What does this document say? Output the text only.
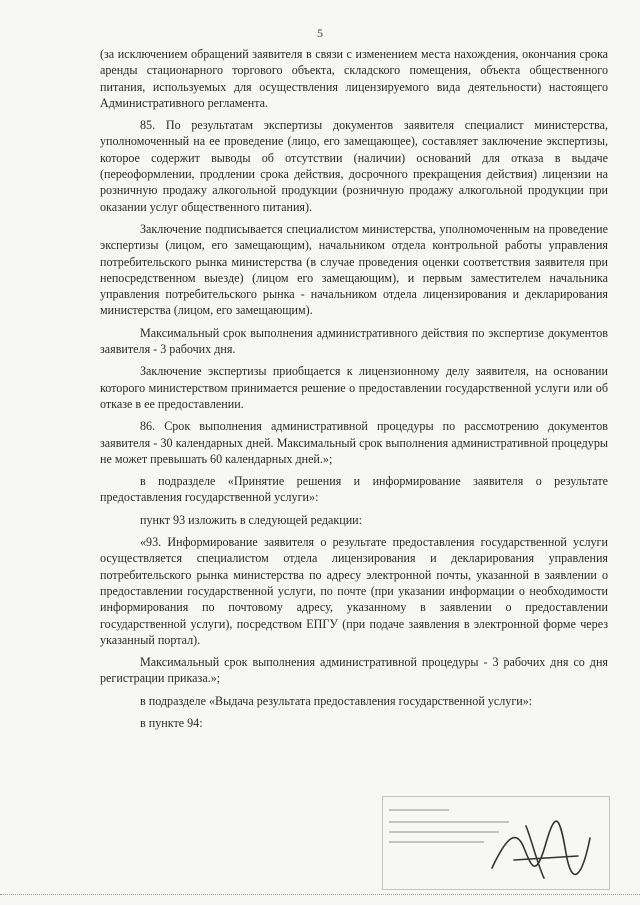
5

(за исключением обращений заявителя в связи с изменением места нахождения, окончания срока аренды стационарного торгового объекта, складского помещения, объекта общественного питания, используемых для осуществления лицензируемого вида деятельности) настоящего Административного регламента.

85. По результатам экспертизы документов заявителя специалист министерства, уполномоченный на ее проведение (лицо, его замещающее), составляет заключение экспертизы, которое содержит выводы об отсутствии (наличии) оснований для отказа в выдаче (переоформлении, продлении срока действия, досрочного прекращения действия) лицензии на розничную продажу алкогольной продукции (розничную продажу алкогольной продукции при оказании услуг общественного питания).

Заключение подписывается специалистом министерства, уполномоченным на проведение экспертизы (лицом, его замещающим), начальником отдела контрольной работы управления потребительского рынка министерства (в случае проведения оценки соответствия заявителя при непосредственном выезде) (лицом его замещающим), и первым заместителем начальника управления потребительского рынка - начальником отдела лицензирования и декларирования министерства (лицом, его замещающим).

Максимальный срок выполнения административного действия по экспертизе документов заявителя - 3 рабочих дня.

Заключение экспертизы приобщается к лицензионному делу заявителя, на основании которого министерством принимается решение о предоставлении государственной услуги или об отказе в ее предоставлении.

86. Срок выполнения административной процедуры по рассмотрению документов заявителя - 30 календарных дней. Максимальный срок выполнения административной процедуры не может превышать 60 календарных дней.»;

в подразделе «Принятие решения и информирование заявителя о результате предоставления государственной услуги»:

пункт 93 изложить в следующей редакции:

«93. Информирование заявителя о результате предоставления государственной услуги осуществляется специалистом отдела лицензирования и декларирования управления потребительского рынка министерства по адресу электронной почты, указанной в заявлении о предоставлении государственной услуги, по почте (при указании информации о необходимости информирования по почтовому адресу, указанному в заявлении о предоставлении государственной услуги), посредством ЕПГУ (при подаче заявления в электронной форме через указанный портал).

Максимальный срок выполнения административной процедуры - 3 рабочих дня со дня регистрации приказа.»;

в подразделе «Выдача результата предоставления государственной услуги»:

в пункте 94:
